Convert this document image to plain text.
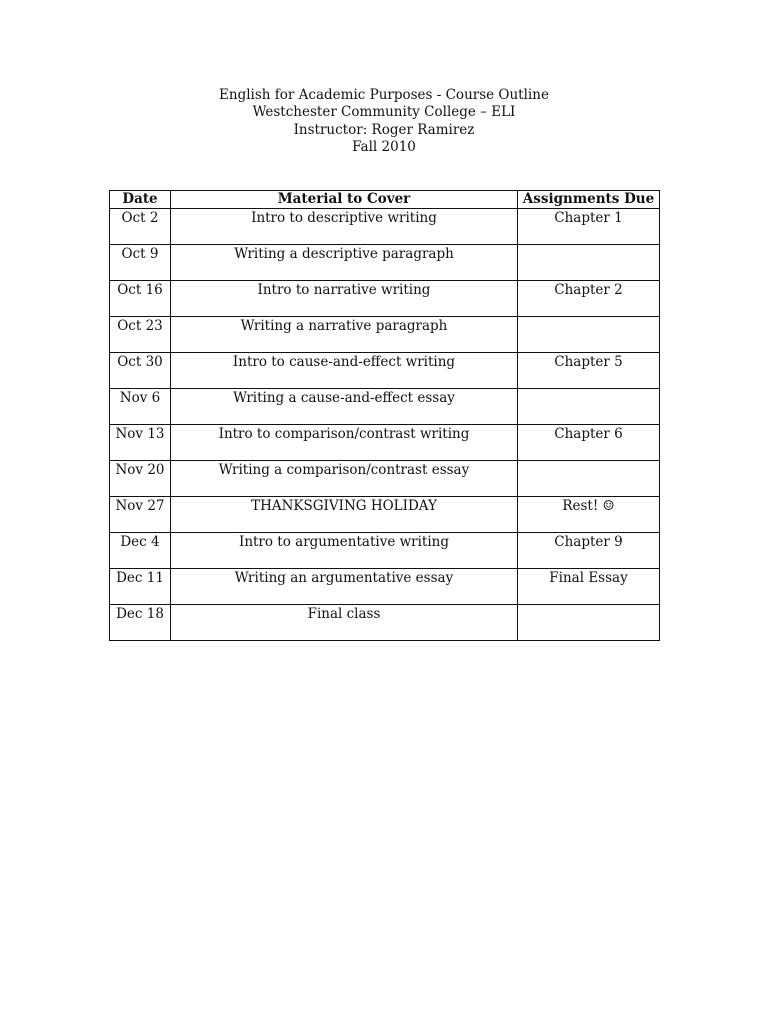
English for Academic Purposes - Course Outline
Westchester Community College – ELI
Instructor: Roger Ramirez
Fall 2010
Date	Material to Cover	Assignments Due
Oct 2	Intro to descriptive writing	Chapter 1
Oct 9	Writing a descriptive paragraph	
Oct 16	Intro to narrative writing	Chapter 2
Oct 23	Writing a narrative paragraph	
Oct 30	Intro to cause-and-effect writing	Chapter 5
Nov 6	Writing a cause-and-effect essay	
Nov 13	Intro to comparison/contrast writing	Chapter 6
Nov 20	Writing a comparison/contrast essay	
Nov 27	THANKSGIVING HOLIDAY	Rest! ☺
Dec 4	Intro to argumentative writing	Chapter 9
Dec 11	Writing an argumentative essay	Final Essay
Dec 18	Final class	
